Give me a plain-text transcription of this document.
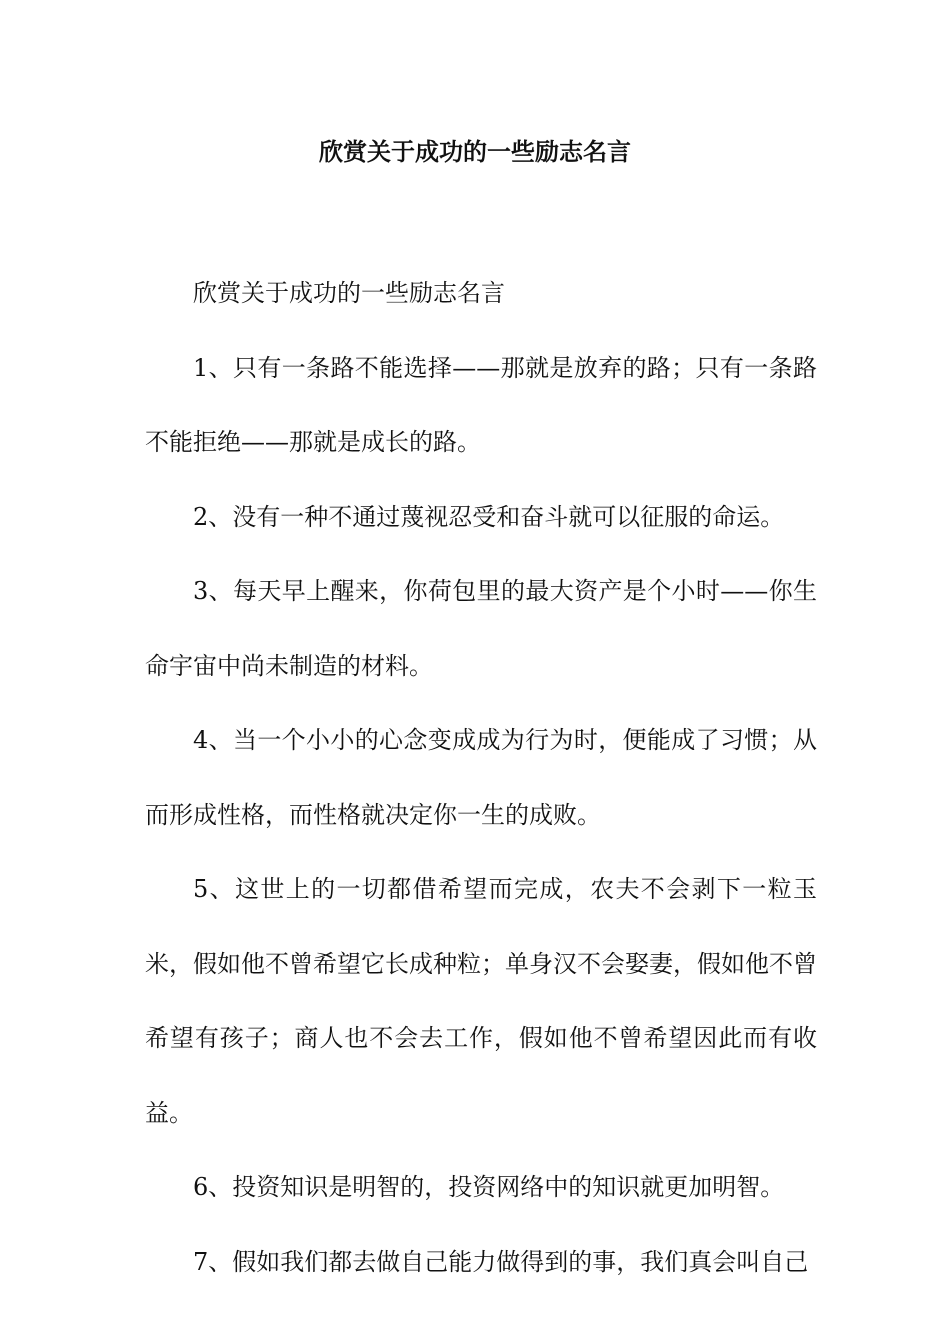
欣赏关于成功的一些励志名言

欣赏关于成功的一些励志名言

1、只有一条路不能选择——那就是放弃的路；只有一条路不能拒绝——那就是成长的路。

2、没有一种不通过蔑视忍受和奋斗就可以征服的命运。

3、每天早上醒来，你荷包里的最大资产是个小时——你生命宇宙中尚未制造的材料。

4、当一个小小的心念变成成为行为时，便能成了习惯；从而形成性格，而性格就决定你一生的成败。

5、这世上的一切都借希望而完成，农夫不会剥下一粒玉米，假如他不曾希望它长成种粒；单身汉不会娶妻，假如他不曾希望有孩子；商人也不会去工作，假如他不曾希望因此而有收益。

6、投资知识是明智的，投资网络中的知识就更加明智。

7、假如我们都去做自己能力做得到的事，我们真会叫自己
